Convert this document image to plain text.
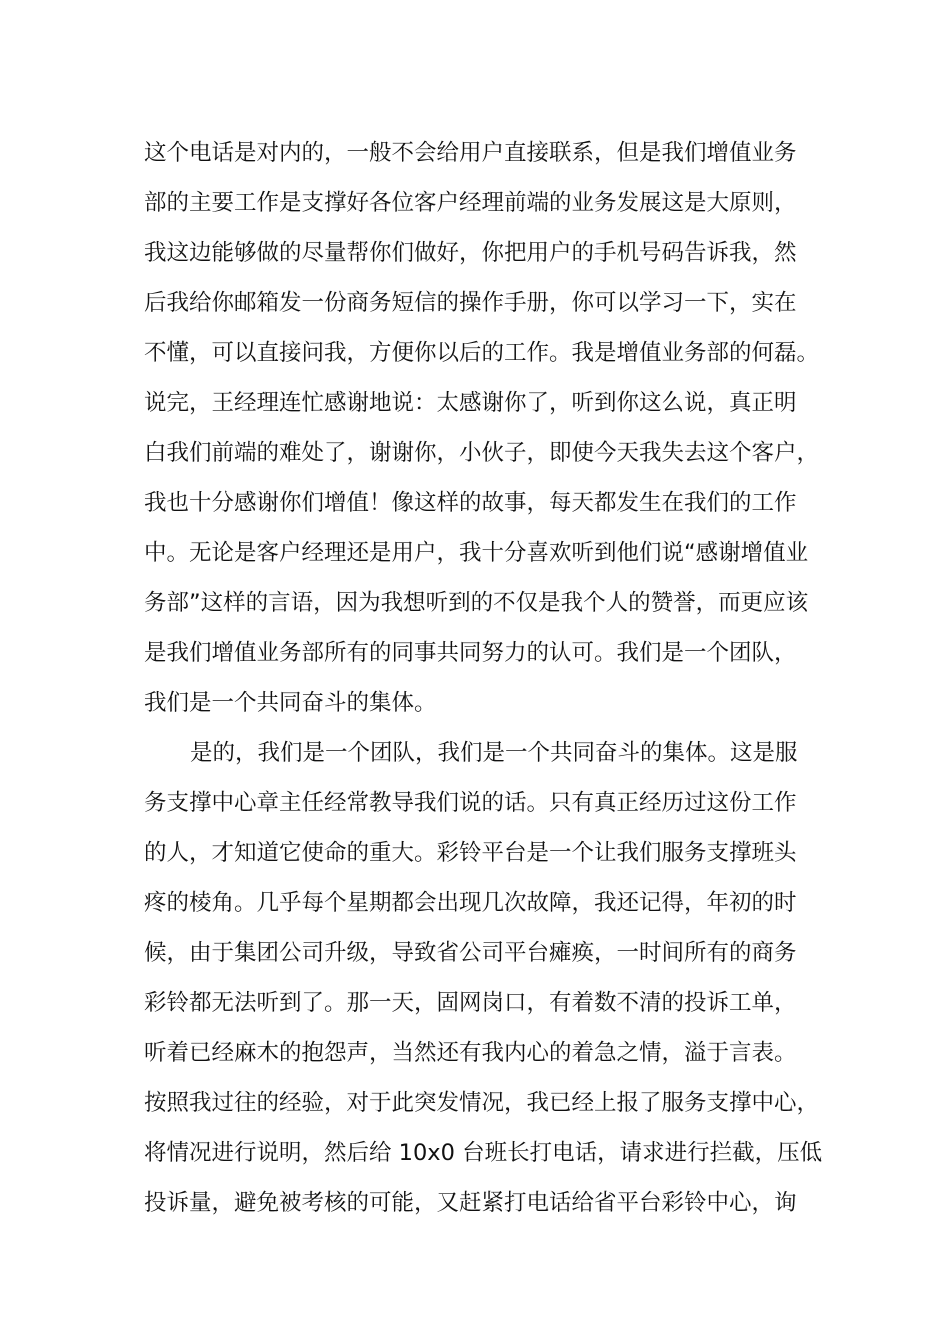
这个电话是对内的，一般不会给用户直接联系，但是我们增值业务
部的主要工作是支撑好各位客户经理前端的业务发展这是大原则，
我这边能够做的尽量帮你们做好，你把用户的手机号码告诉我，然
后我给你邮箱发一份商务短信的操作手册，你可以学习一下，实在
不懂，可以直接问我，方便你以后的工作。我是增值业务部的何磊。
说完，王经理连忙感谢地说：太感谢你了，听到你这么说，真正明
白我们前端的难处了，谢谢你，小伙子，即使今天我失去这个客户，
我也十分感谢你们增值！像这样的故事，每天都发生在我们的工作
中。无论是客户经理还是用户，我十分喜欢听到他们说“感谢增值业
务部”这样的言语，因为我想听到的不仅是我个人的赞誉，而更应该
是我们增值业务部所有的同事共同努力的认可。我们是一个团队，
我们是一个共同奋斗的集体。
是的，我们是一个团队，我们是一个共同奋斗的集体。这是服
务支撑中心章主任经常教导我们说的话。只有真正经历过这份工作
的人，才知道它使命的重大。彩铃平台是一个让我们服务支撑班头
疼的棱角。几乎每个星期都会出现几次故障，我还记得，年初的时
候，由于集团公司升级，导致省公司平台瘫痪，一时间所有的商务
彩铃都无法听到了。那一天，固网岗口，有着数不清的投诉工单，
听着已经麻木的抱怨声，当然还有我内心的着急之情，溢于言表。
按照我过往的经验，对于此突发情况，我已经上报了服务支撑中心，
将情况进行说明，然后给 10x0 台班长打电话，请求进行拦截，压低
投诉量，避免被考核的可能，又赶紧打电话给省平台彩铃中心，询
